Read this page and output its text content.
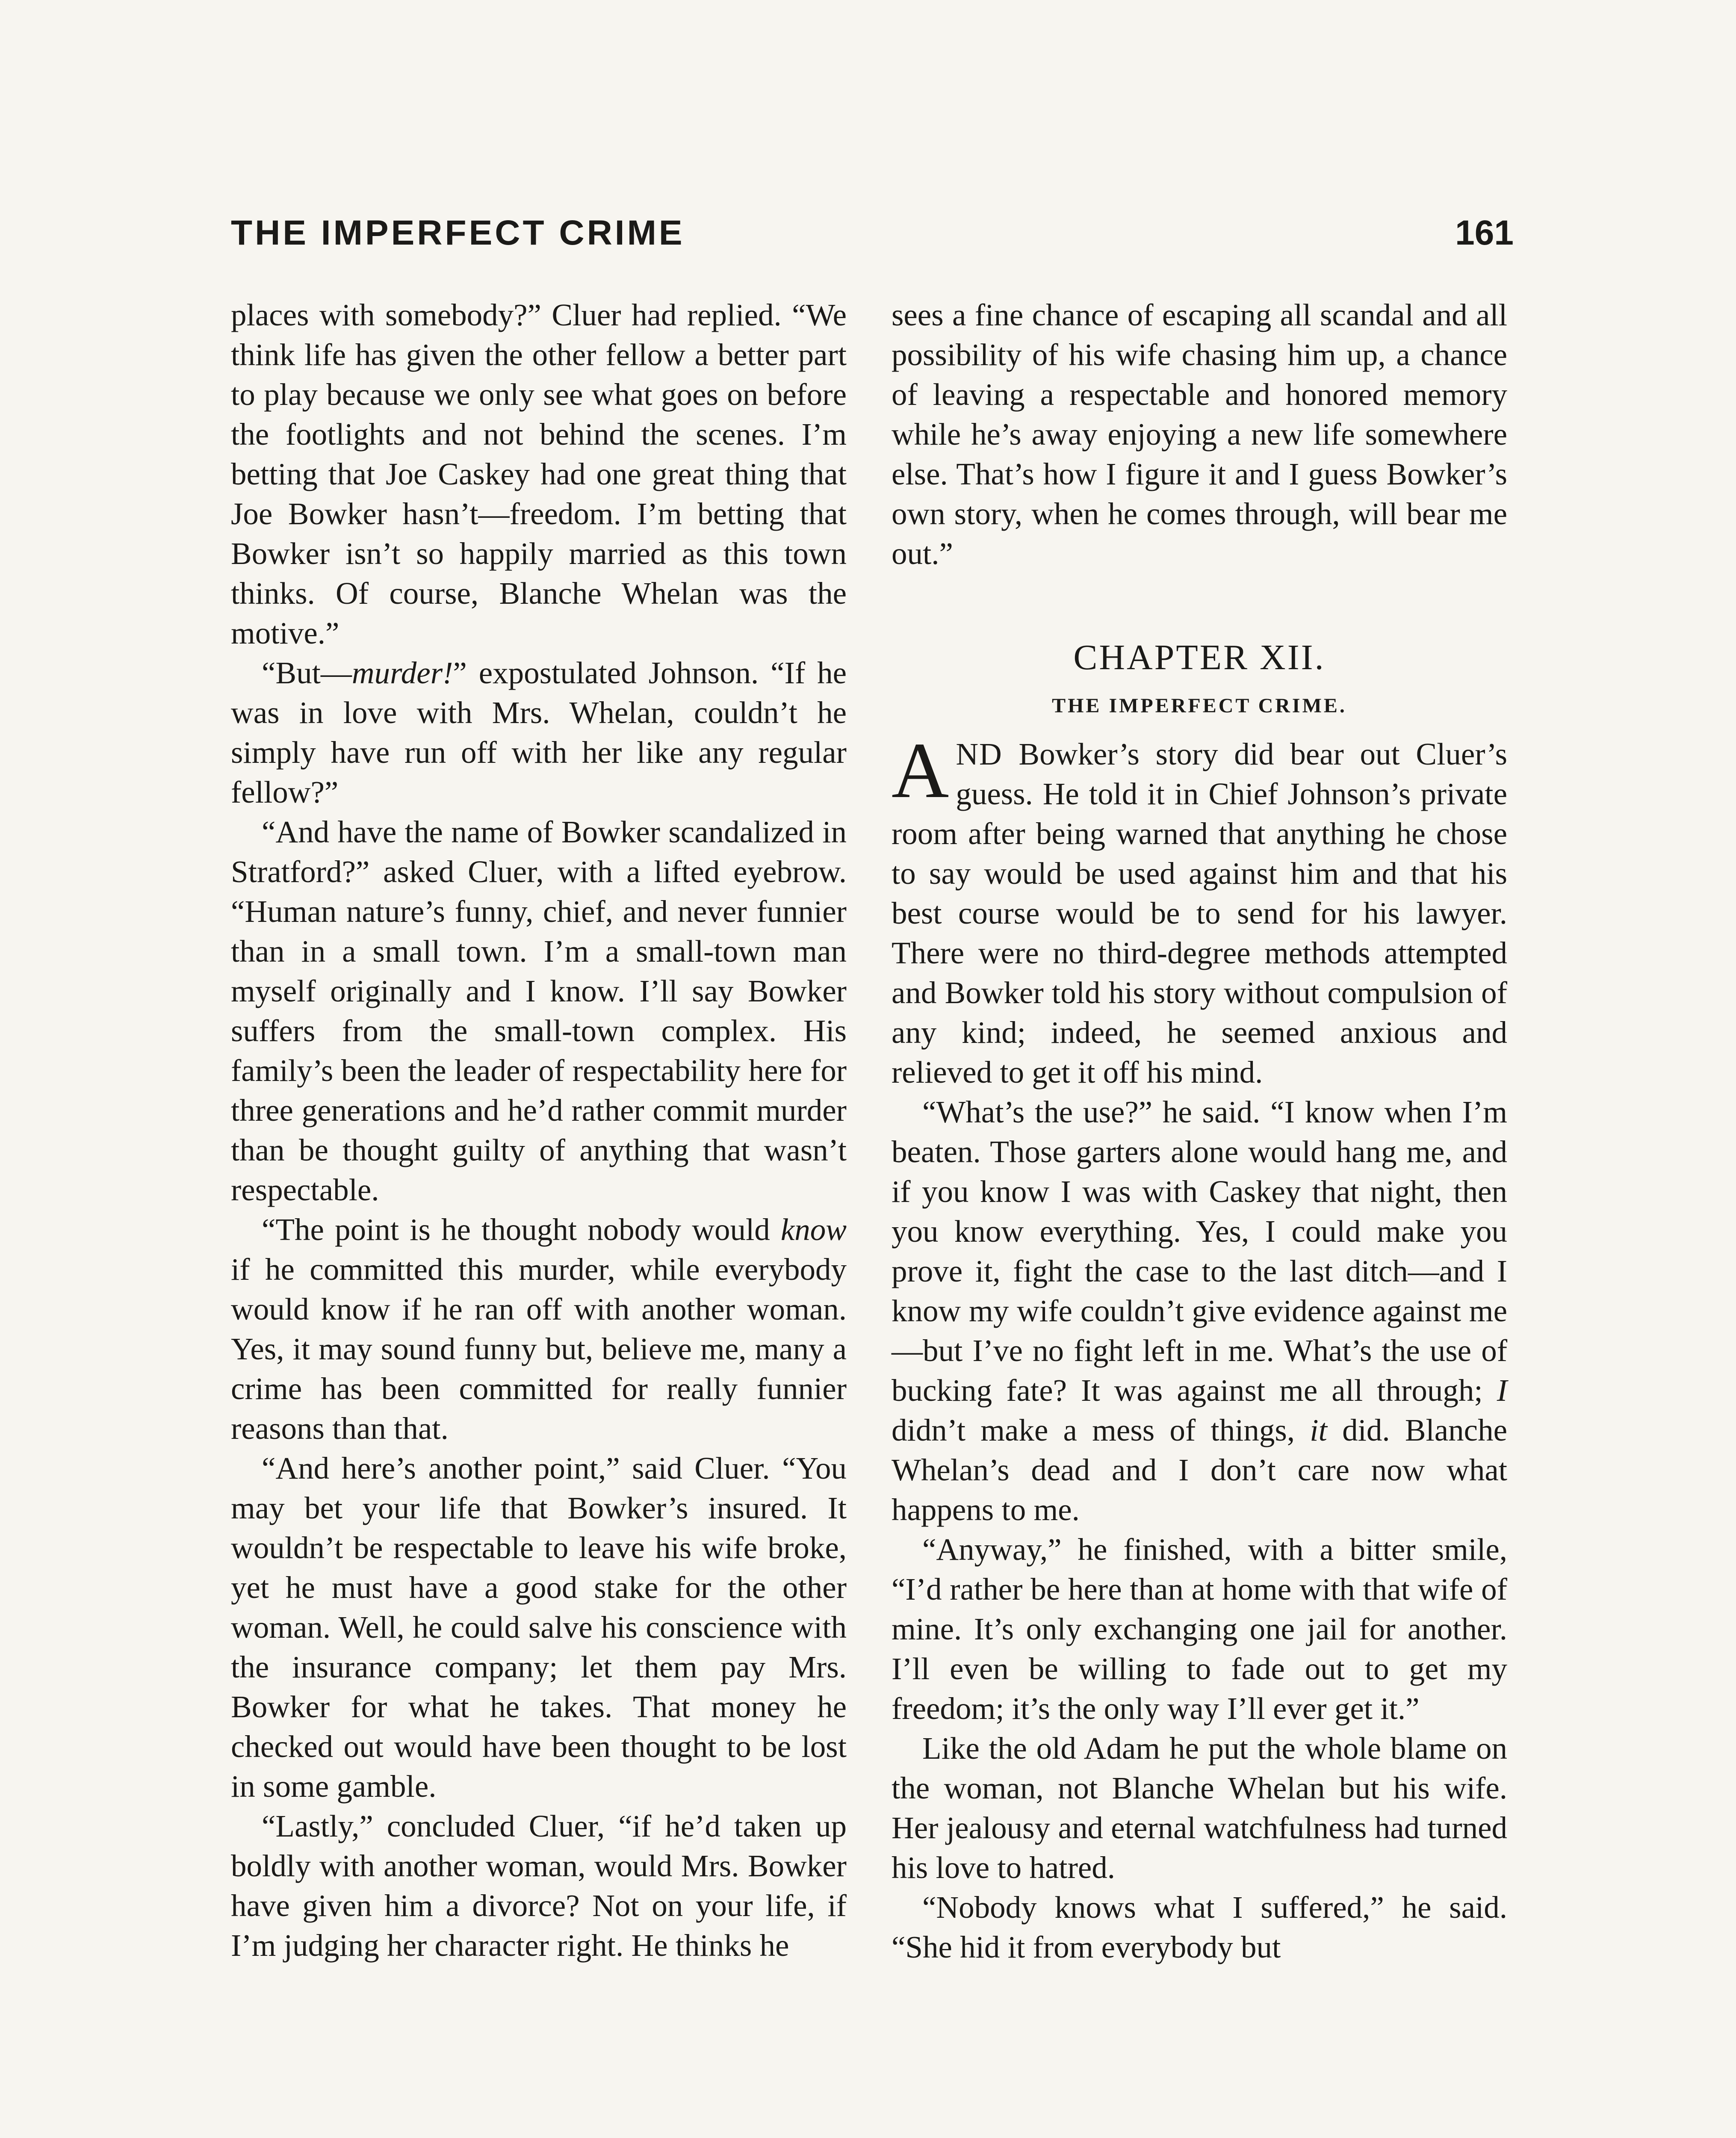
THE IMPERFECT CRIME	161

places with somebody?” Cluer had replied. “We think life has given the other fellow a better part to play because we only see what goes on before the footlights and not behind the scenes. I’m betting that Joe Caskey had one great thing that Joe Bowker hasn’t—freedom. I’m betting that Bowker isn’t so happily married as this town thinks. Of course, Blanche Whelan was the motive.”

“But—murder!” expostulated Johnson. “If he was in love with Mrs. Whelan, couldn’t he simply have run off with her like any regular fellow?”

“And have the name of Bowker scandalized in Stratford?” asked Cluer, with a lifted eyebrow. “Human nature’s funny, chief, and never funnier than in a small town. I’m a small-town man myself originally and I know. I’ll say Bowker suffers from the small-town complex. His family’s been the leader of respectability here for three generations and he’d rather commit murder than be thought guilty of anything that wasn’t respectable.

“The point is he thought nobody would know if he committed this murder, while everybody would know if he ran off with another woman. Yes, it may sound funny but, believe me, many a crime has been committed for really funnier reasons than that.

“And here’s another point,” said Cluer. “You may bet your life that Bowker’s insured. It wouldn’t be respectable to leave his wife broke, yet he must have a good stake for the other woman. Well, he could salve his conscience with the insurance company; let them pay Mrs. Bowker for what he takes. That money he checked out would have been thought to be lost in some gamble.

“Lastly,” concluded Cluer, “if he’d taken up boldly with another woman, would Mrs. Bowker have given him a divorce? Not on your life, if I’m judging her character right. He thinks he

sees a fine chance of escaping all scandal and all possibility of his wife chasing him up, a chance of leaving a respectable and honored memory while he’s away enjoying a new life somewhere else. That’s how I figure it and I guess Bowker’s own story, when he comes through, will bear me out.”

CHAPTER XII.
THE IMPERFECT CRIME.

AND Bowker’s story did bear out Cluer’s guess. He told it in Chief Johnson’s private room after being warned that anything he chose to say would be used against him and that his best course would be to send for his lawyer. There were no third-degree methods attempted and Bowker told his story without compulsion of any kind; indeed, he seemed anxious and relieved to get it off his mind.

“What’s the use?” he said. “I know when I’m beaten. Those garters alone would hang me, and if you know I was with Caskey that night, then you know everything. Yes, I could make you prove it, fight the case to the last ditch—and I know my wife couldn’t give evidence against me—but I’ve no fight left in me. What’s the use of bucking fate? It was against me all through; I didn’t make a mess of things, it did. Blanche Whelan’s dead and I don’t care now what happens to me.

“Anyway,” he finished, with a bitter smile, “I’d rather be here than at home with that wife of mine. It’s only exchanging one jail for another. I’ll even be willing to fade out to get my freedom; it’s the only way I’ll ever get it.”

Like the old Adam he put the whole blame on the woman, not Blanche Whelan but his wife. Her jealousy and eternal watchfulness had turned his love to hatred.

“Nobody knows what I suffered,” he said. “She hid it from everybody but
